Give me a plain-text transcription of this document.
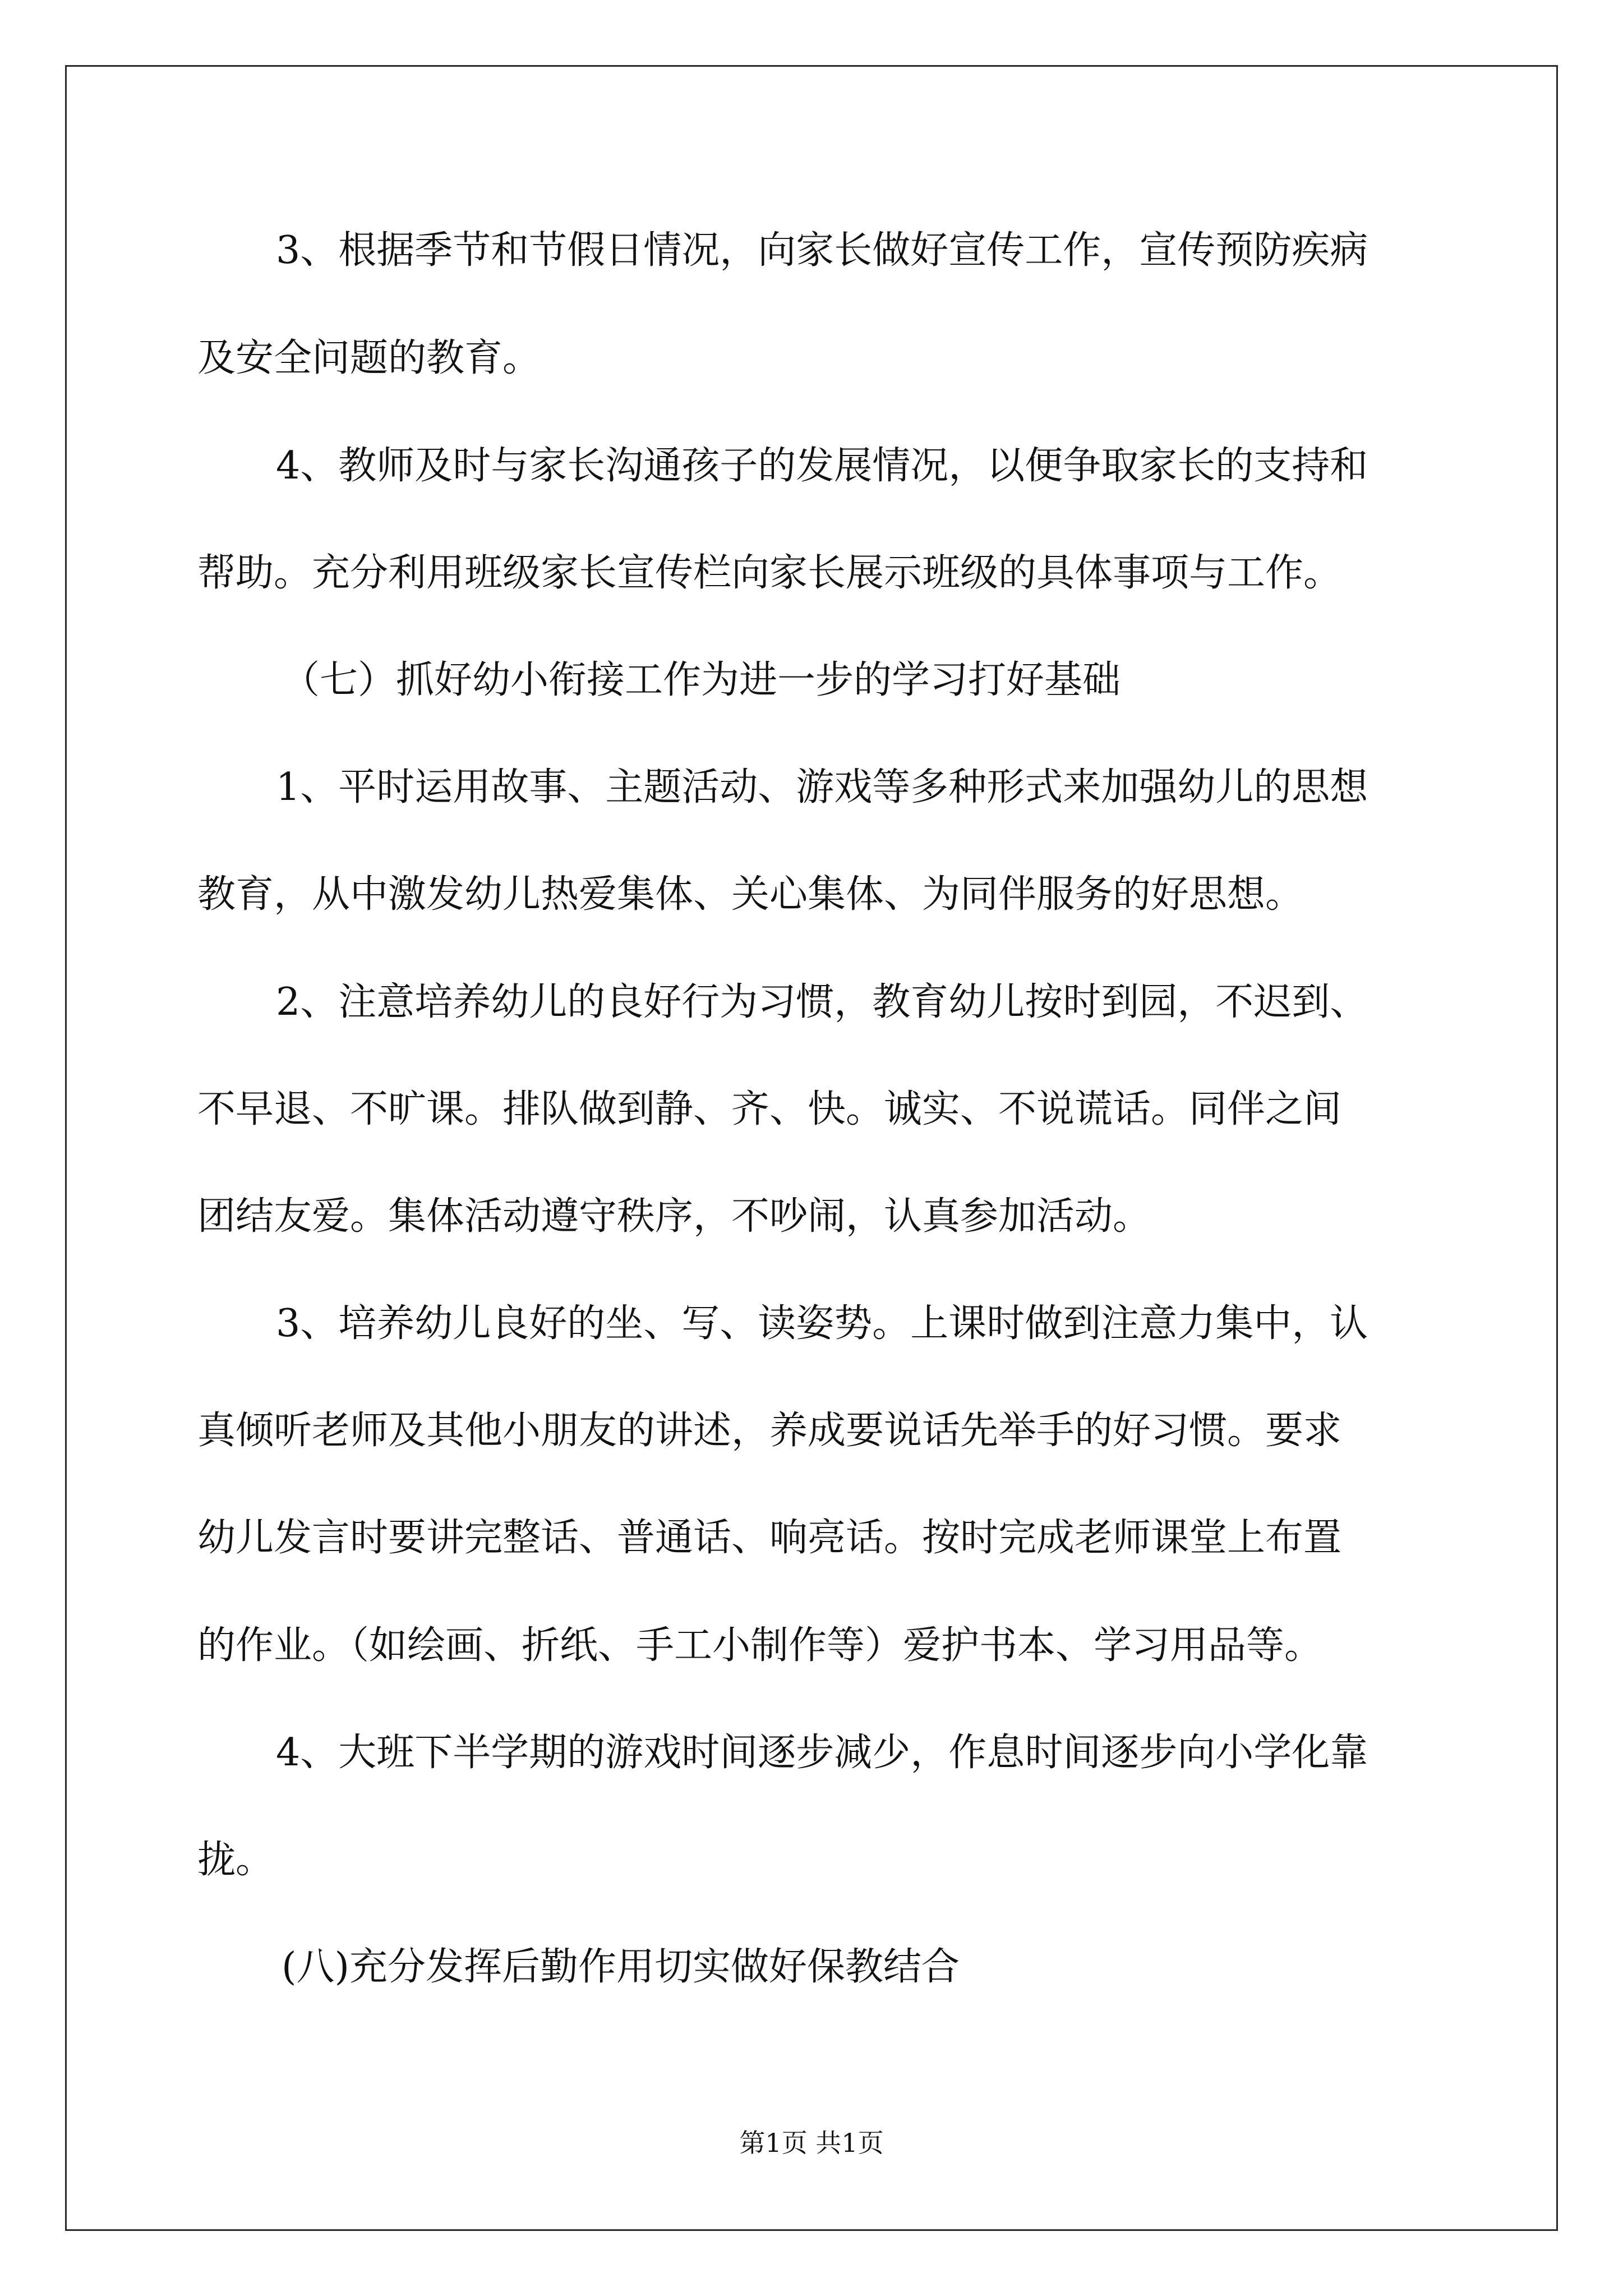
3、根据季节和节假日情况，向家长做好宣传工作，宣传预防疾病
及安全问题的教育。
4、教师及时与家长沟通孩子的发展情况，以便争取家长的支持和
帮助。充分利用班级家长宣传栏向家长展示班级的具体事项与工作。
（七）抓好幼小衔接工作为进一步的学习打好基础
1、平时运用故事、主题活动、游戏等多种形式来加强幼儿的思想
教育，从中激发幼儿热爱集体、关心集体、为同伴服务的好思想。
2、注意培养幼儿的良好行为习惯，教育幼儿按时到园，不迟到、
不早退、不旷课。排队做到静、齐、快。诚实、不说谎话。同伴之间
团结友爱。集体活动遵守秩序，不吵闹，认真参加活动。
3、培养幼儿良好的坐、写、读姿势。上课时做到注意力集中，认
真倾听老师及其他小朋友的讲述，养成要说话先举手的好习惯。要求
幼儿发言时要讲完整话、普通话、响亮话。按时完成老师课堂上布置
的作业。（如绘画、折纸、手工小制作等）爱护书本、学习用品等。
4、大班下半学期的游戏时间逐步减少，作息时间逐步向小学化靠
拢。
(八)充分发挥后勤作用切实做好保教结合
第1页 共1页
